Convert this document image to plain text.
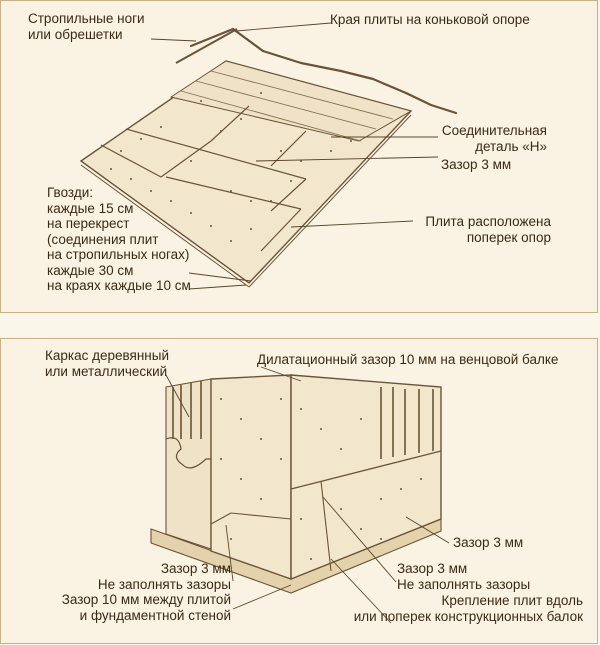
Стропильные ноги
или обрешетки

Края плиты на коньковой опоре

Соединительная
деталь «Н»

Зазор 3 мм

Гвозди:
каждые 15 см
на перекрест
(соединения плит
на стропильных ногах)
каждые 30 см
на краях каждые 10 см

Плита расположена
поперек опор

Каркас деревянный
или металлический

Дилатационный зазор 10 мм на венцовой балке

Зазор 3 мм

Зазор 3 мм
Не заполнять зазоры
Зазор 10 мм между плитой
и фундаментной стеной

Зазор 3 мм
Не заполнять зазоры

Крепление плит вдоль
или поперек конструкционных балок
